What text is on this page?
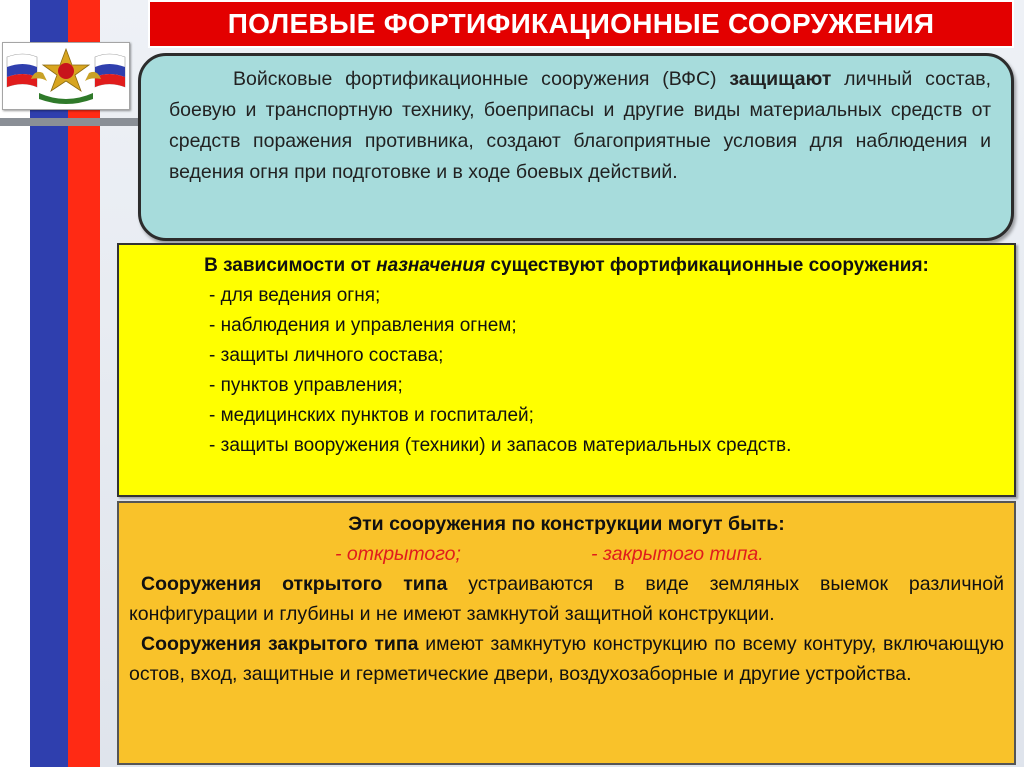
ПОЛЕВЫЕ ФОРТИФИКАЦИОННЫЕ СООРУЖЕНИЯ
Войсковые фортификационные сооружения (ВФС) защищают личный состав, боевую и транспортную технику, боеприпасы и другие виды материальных средств от средств поражения противника, создают благоприятные условия для наблюдения и ведения огня при подготовке и в ходе боевых действий.
В зависимости от назначения существуют фортификационные сооружения:
- для ведения огня;
- наблюдения и управления огнем;
- защиты личного состава;
- пунктов управления;
- медицинских пунктов и госпиталей;
- защиты вооружения (техники) и запасов материальных средств.
Эти сооружения по конструкции могут быть:
- открытого;	- закрытого типа.

Сооружения открытого типа устраиваются в виде земляных выемок различной конфигурации и глубины и не имеют замкнутой защитной конструкции.

Сооружения закрытого типа имеют замкнутую конструкцию по всему контуру, включающую остов, вход, защитные и герметические двери, воздухозаборные и другие устройства.
